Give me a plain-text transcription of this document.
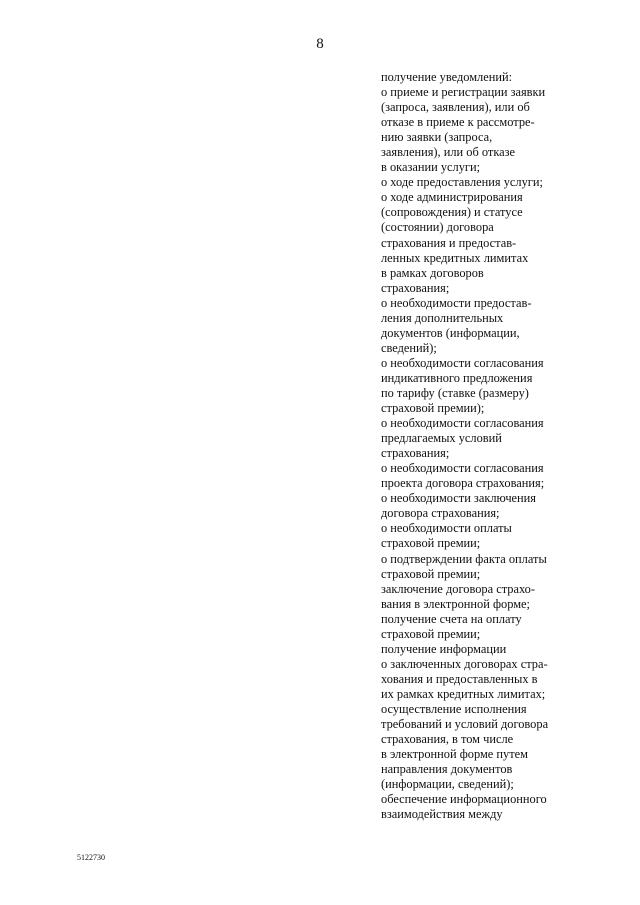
8
получение уведомлений:
о приеме и регистрации заявки
(запроса, заявления), или об
отказе в приеме к рассмотре-
нию заявки (запроса,
заявления), или об отказе
в оказании услуги;
о ходе предоставления услуги;
о ходе администрирования
(сопровождения) и статусе
(состоянии) договора
страхования и предостав-
ленных кредитных лимитах
в рамках договоров
страхования;
о необходимости предостав-
ления дополнительных
документов (информации,
сведений);
о необходимости согласования
индикативного предложения
по тарифу (ставке (размеру)
страховой премии);
о необходимости согласования
предлагаемых условий
страхования;
о необходимости согласования
проекта договора страхования;
о необходимости заключения
договора страхования;
о необходимости оплаты
страховой премии;
о подтверждении факта оплаты
страховой премии;
заключение договора страхо-
вания в электронной форме;
получение счета на оплату
страховой премии;
получение информации
о заключенных договорах стра-
хования и предоставленных в
их рамках кредитных лимитах;
осуществление исполнения
требований и условий договора
страхования, в том числе
в электронной форме путем
направления документов
(информации, сведений);
обеспечение информационного
взаимодействия между
5122730
